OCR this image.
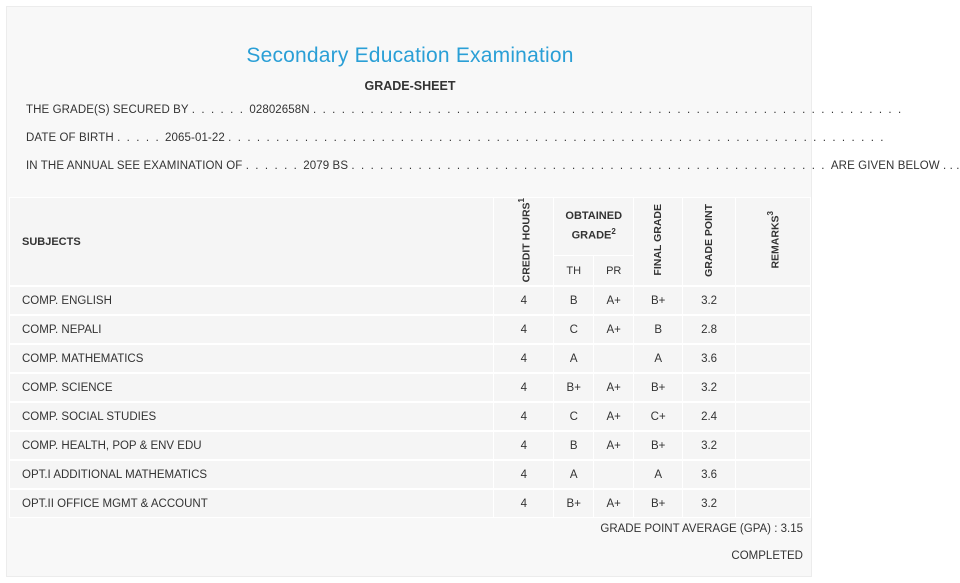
Secondary Education Examination
GRADE-SHEET
THE GRADE(S) SECURED BY . . . . . . 02802658N . . . . . . . . . . . . . . . . . . . . . . . . . . . . . . . . . . . . . . . . . . . . . . . . . . . . . . . . . . . . . .
DATE OF BIRTH . . . . . 2065-01-22 . . . . . . . . . . . . . . . . . . . . . . . . . . . . . . . . . . . . . . . . . . . . . . . . . . . . . . . . . . . . . . . . . . . . .
IN THE ANNUAL SEE EXAMINATION OF . . . . . . 2079 BS . . . . . . . . . . . . . . . . . . . . . . . . . . . . . . . . . . . . . . . . . . . . . . . . . . ARE GIVEN BELOW . . .
SUBJECTS	CREDIT HOURS$^1$	OBTAINED GRADE$^2$		FINAL GRADE	GRADE POINT	REMARKS$^3$
		TH	PR			
COMP. ENGLISH	4	B	A+	B+	3.2	
COMP. NEPALI	4	C	A+	B	2.8	
COMP. MATHEMATICS	4	A		A	3.6	
COMP. SCIENCE	4	B+	A+	B+	3.2	
COMP. SOCIAL STUDIES	4	C	A+	C+	2.4	
COMP. HEALTH, POP & ENV EDU	4	B	A+	B+	3.2	
OPT.I ADDITIONAL MATHEMATICS	4	A		A	3.6	
OPT.II OFFICE MGMT & ACCOUNT	4	B+	A+	B+	3.2	
GRADE POINT AVERAGE (GPA) : 3.15
COMPLETED
